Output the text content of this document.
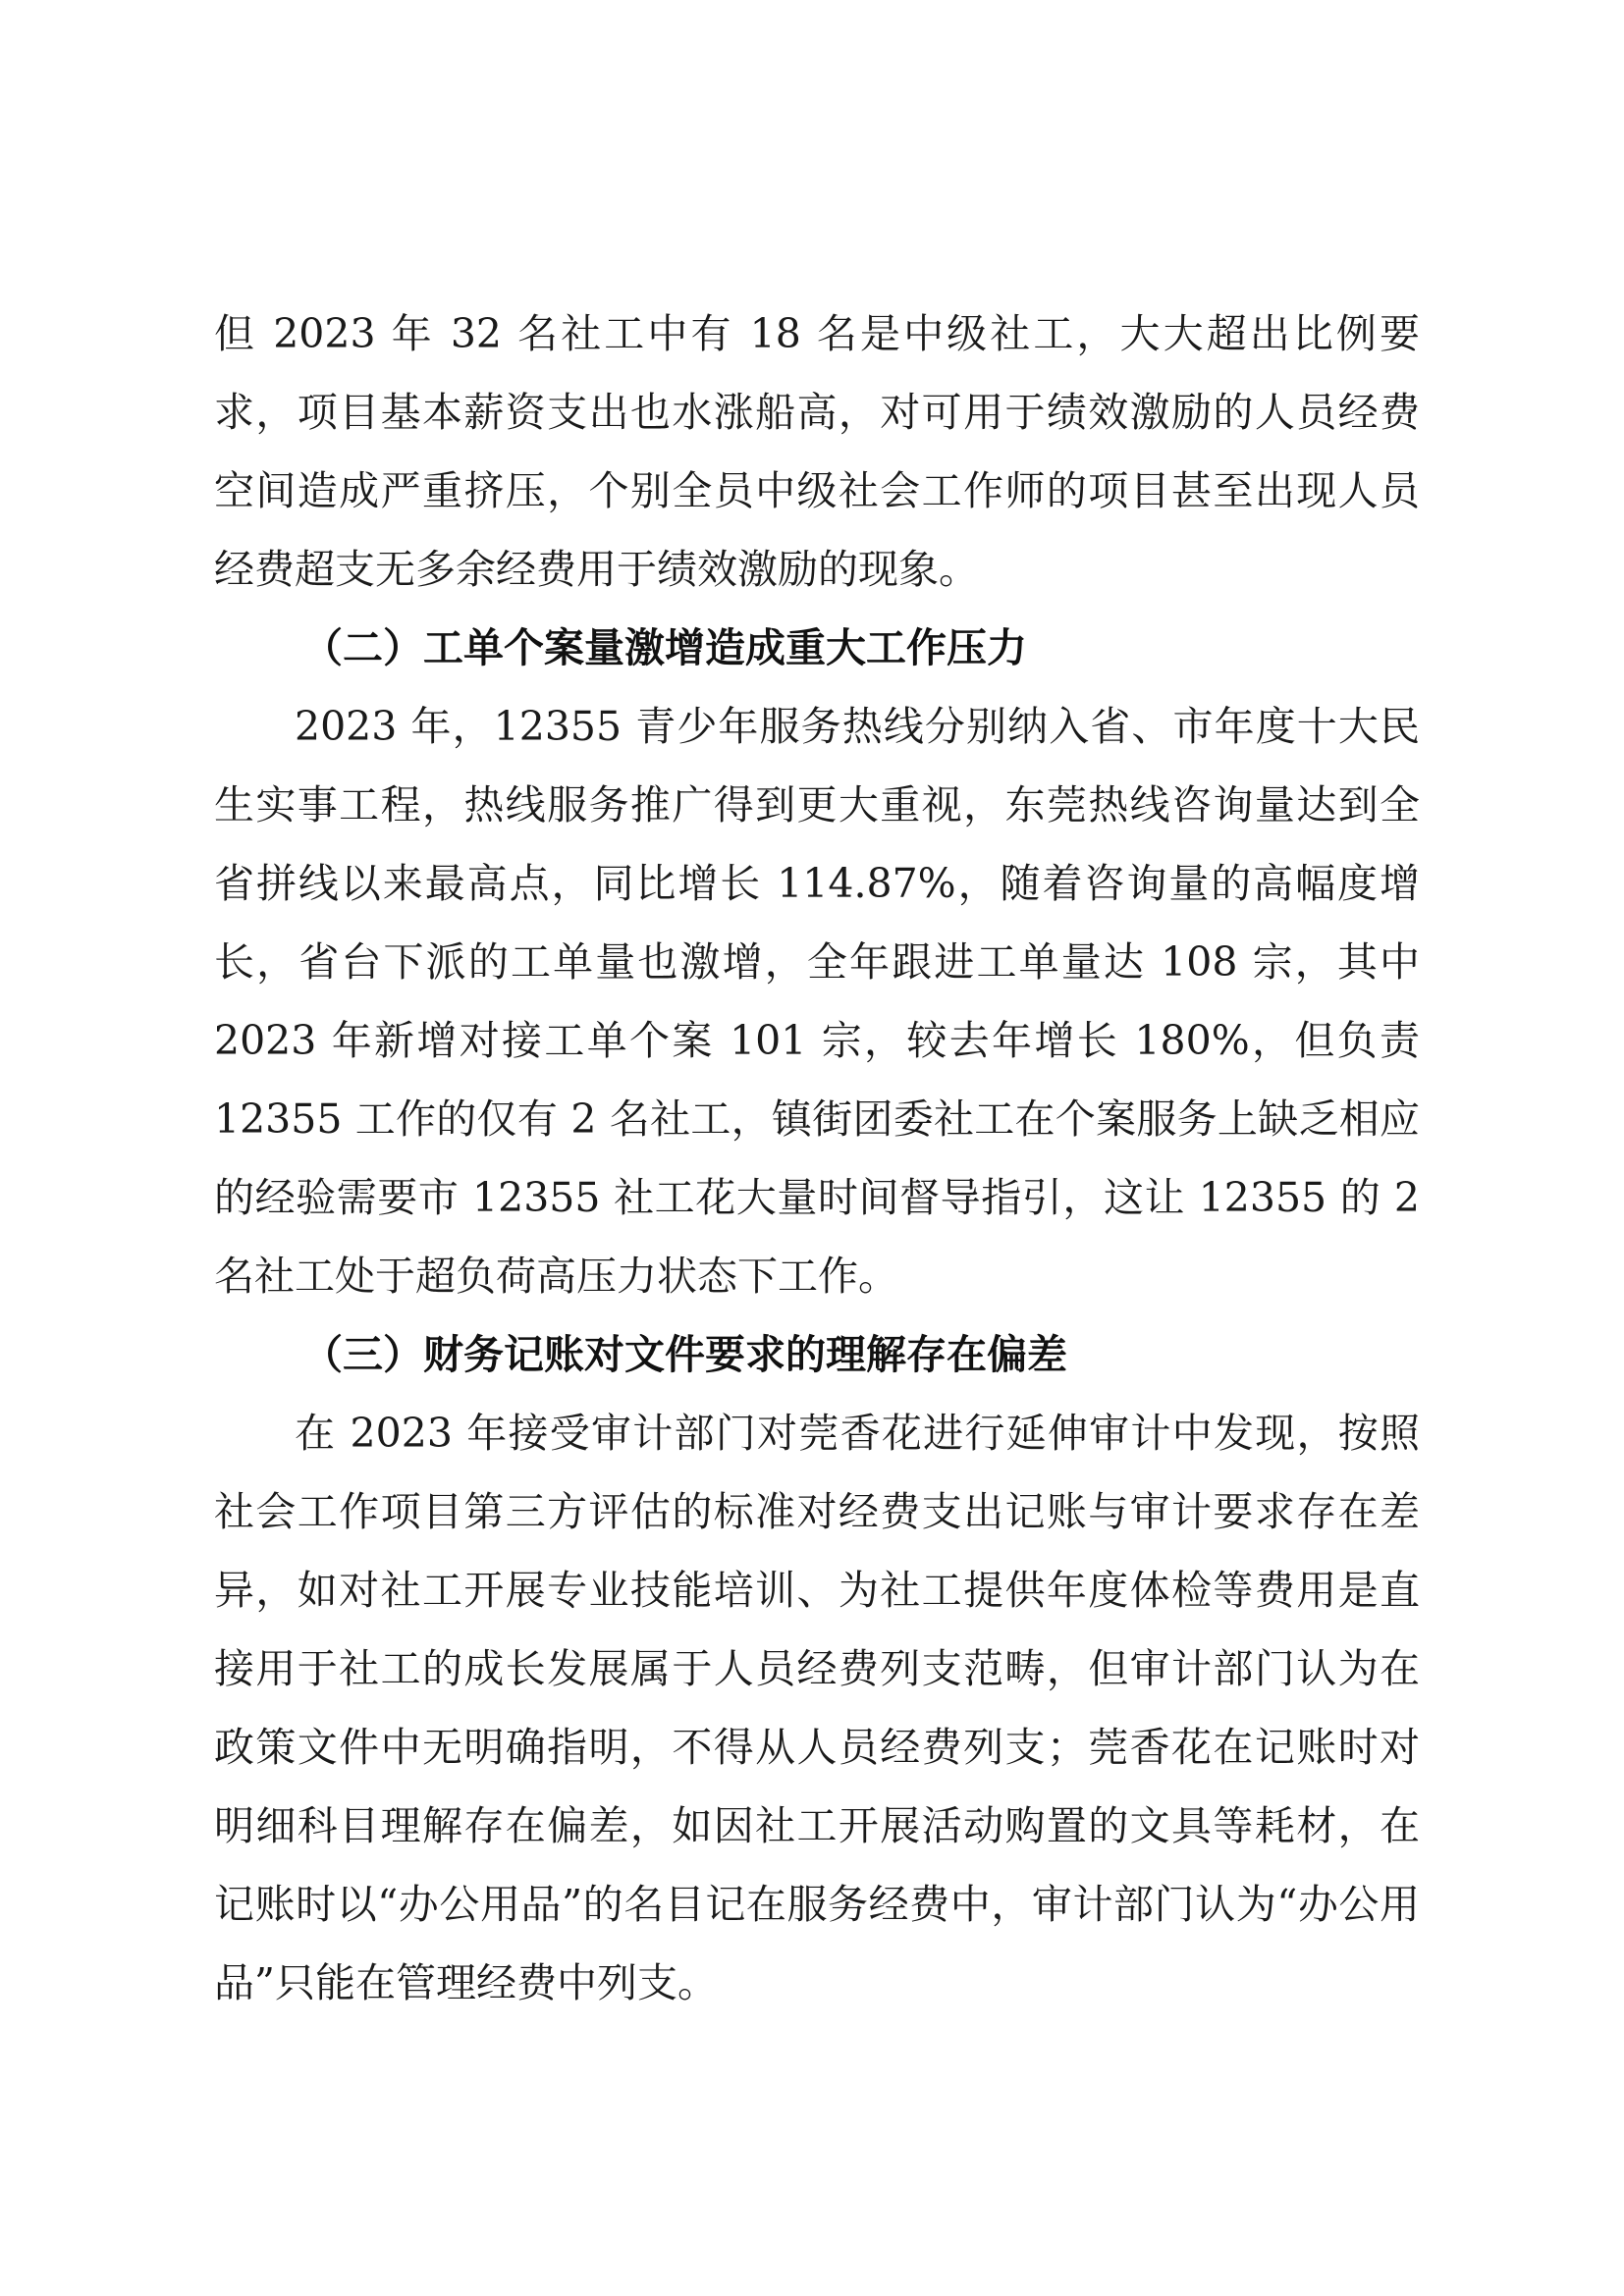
但 2023 年 32 名社工中有 18 名是中级社工，大大超出比例要求，项目基本薪资支出也水涨船高，对可用于绩效激励的人员经费空间造成严重挤压，个别全员中级社会工作师的项目甚至出现人员经费超支无多余经费用于绩效激励的现象。

（二）工单个案量激增造成重大工作压力

2023 年，12355 青少年服务热线分别纳入省、市年度十大民生实事工程，热线服务推广得到更大重视，东莞热线咨询量达到全省拼线以来最高点，同比增长 114.87%，随着咨询量的高幅度增长，省台下派的工单量也激增，全年跟进工单量达 108 宗，其中 2023 年新增对接工单个案 101 宗，较去年增长 180%，但负责 12355 工作的仅有 2 名社工，镇街团委社工在个案服务上缺乏相应的经验需要市 12355 社工花大量时间督导指引，这让 12355 的 2 名社工处于超负荷高压力状态下工作。

（三）财务记账对文件要求的理解存在偏差

在 2023 年接受审计部门对莞香花进行延伸审计中发现，按照社会工作项目第三方评估的标准对经费支出记账与审计要求存在差异，如对社工开展专业技能培训、为社工提供年度体检等费用是直接用于社工的成长发展属于人员经费列支范畴，但审计部门认为在政策文件中无明确指明，不得从人员经费列支；莞香花在记账时对明细科目理解存在偏差，如因社工开展活动购置的文具等耗材，在记账时以“办公用品”的名目记在服务经费中，审计部门认为“办公用品”只能在管理经费中列支。
